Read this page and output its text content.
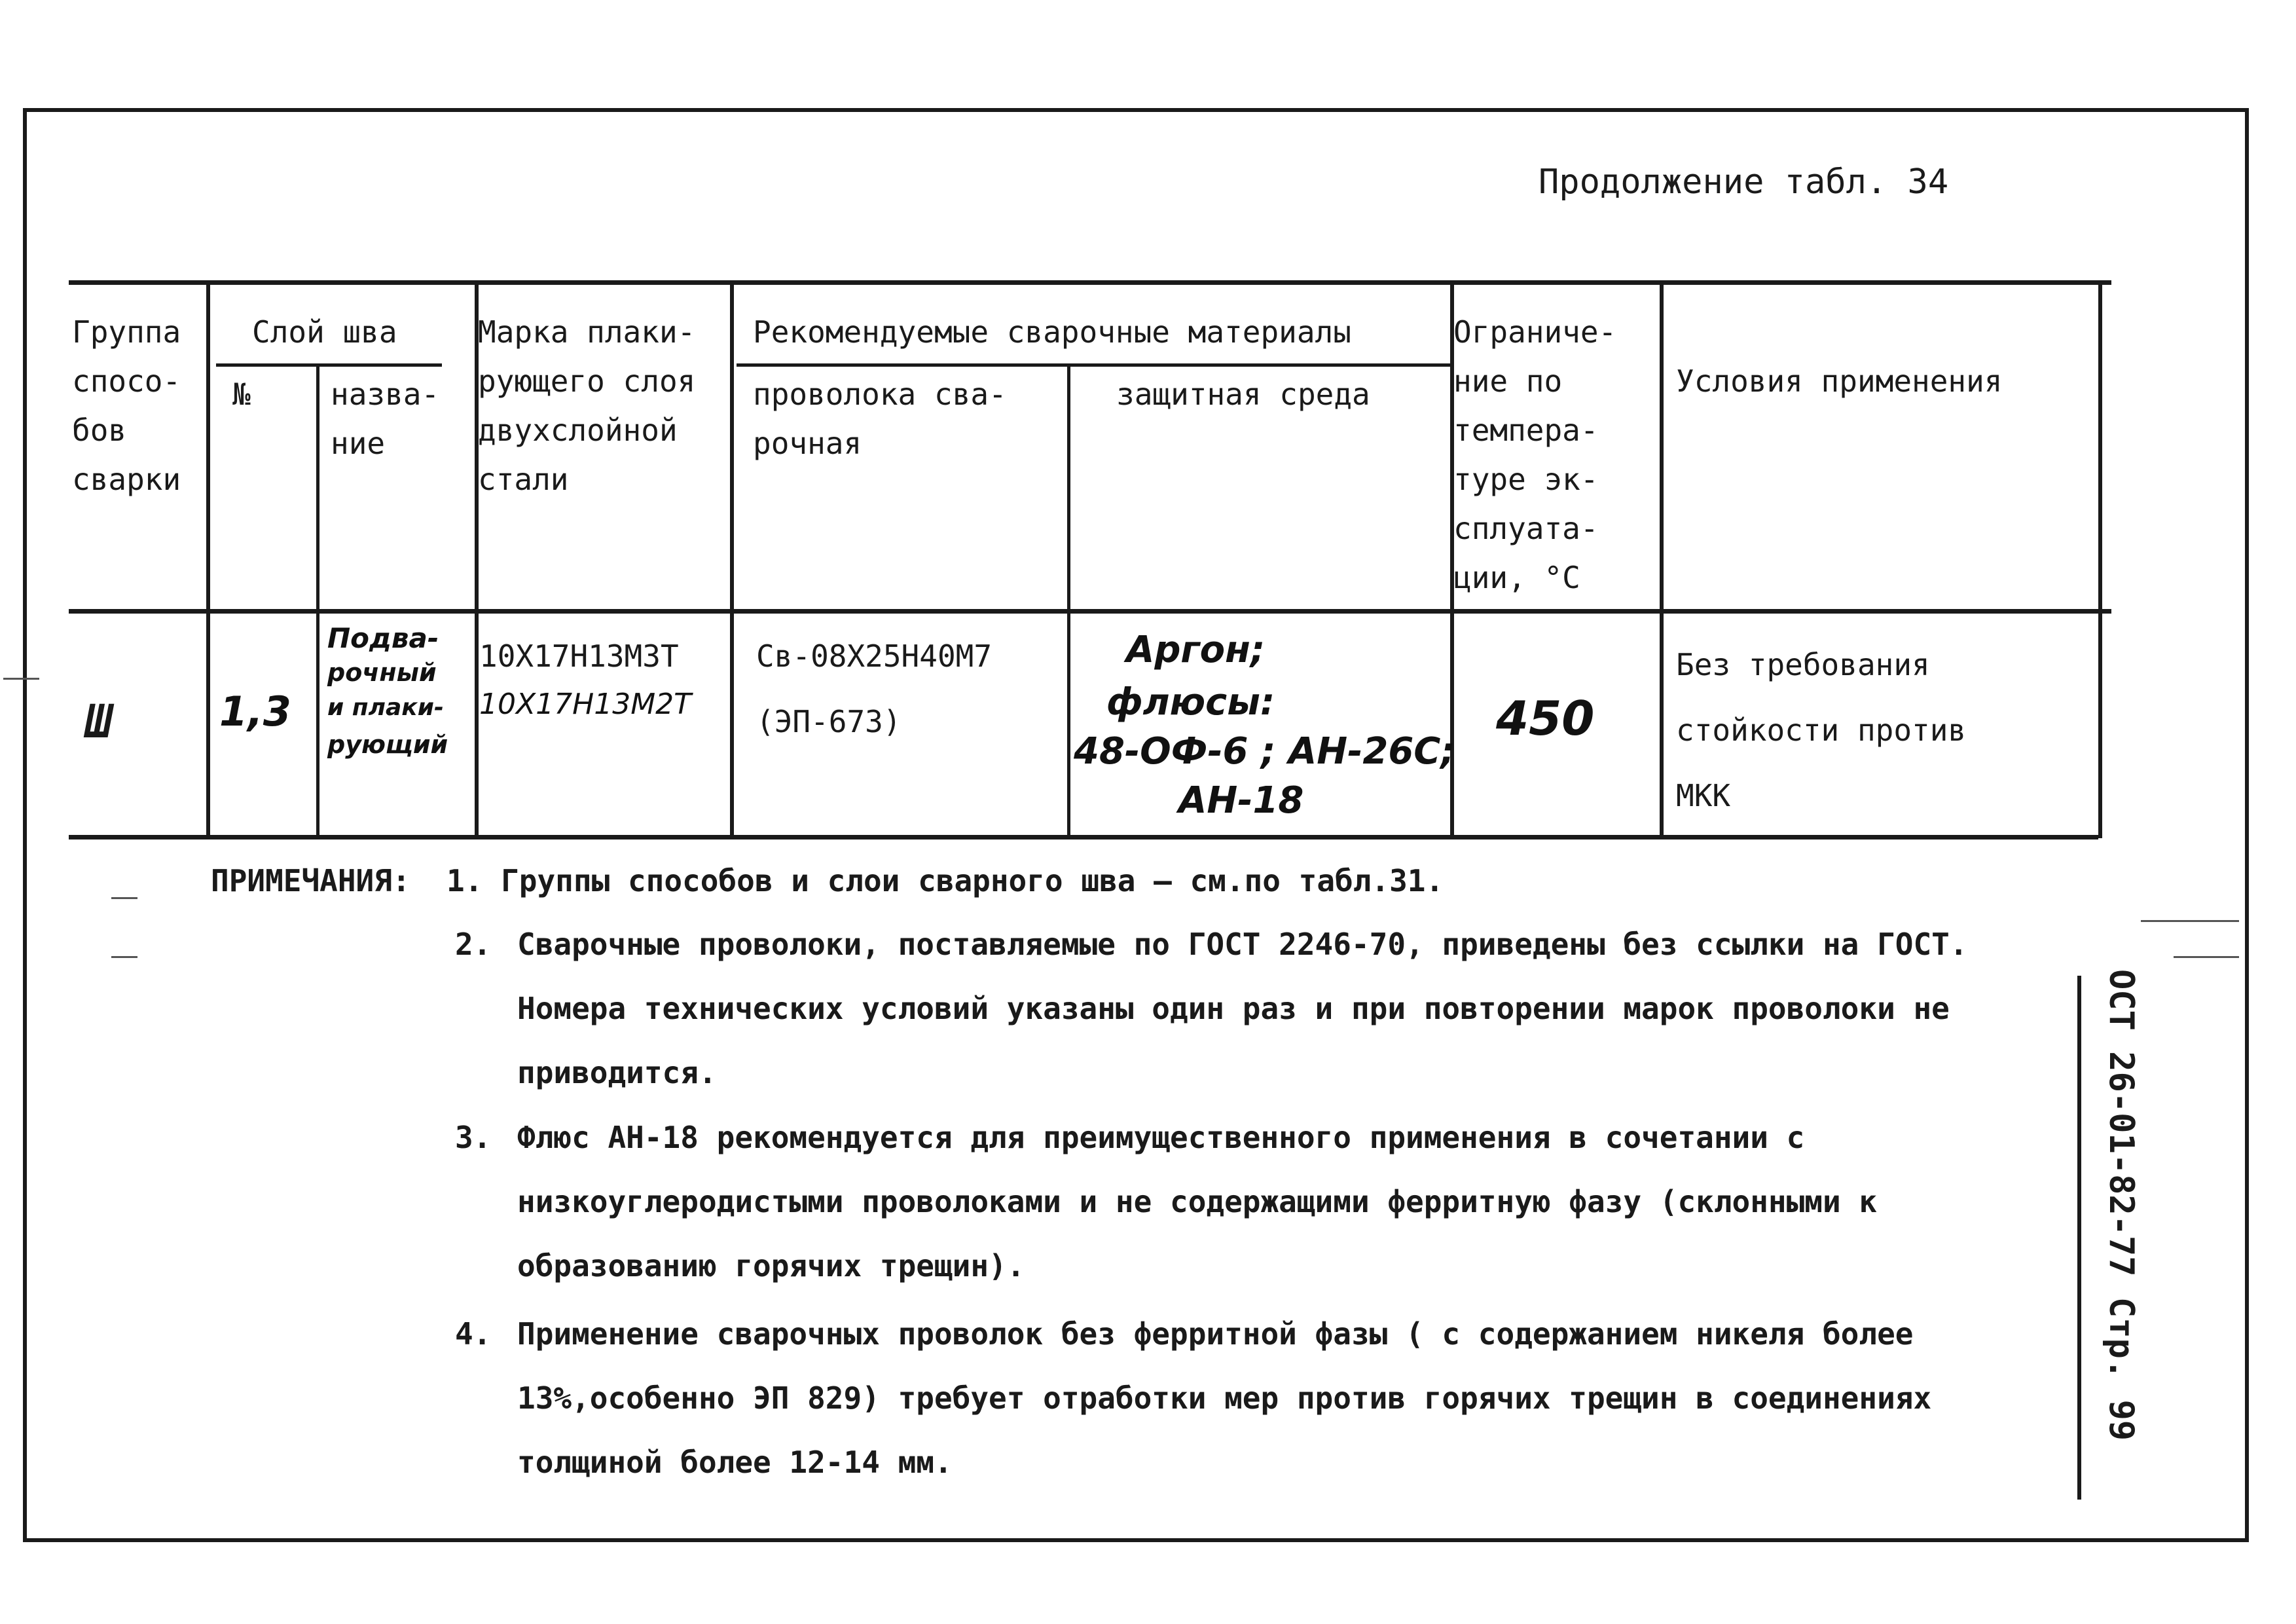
Продолжение табл. 34
Группа
спосо-
бов
сварки
Слой шва
№	назва-
ние
Марка плаки-
рующего слоя
двухслойной
стали
Рекомендуемые сварочные материалы
проволока сва-
рочная
защитная среда
Ограниче-
ние по
темпера-
туре эк-
сплуата-
ции, °С
Условия применения
Ш	1,3
Подва-
рочный
и плаки-
рующий
10Х17Н13М3Т
10Х17Н13М2Т
Св-08Х25Н40М7
(ЭП-673)
Аргон;
флюсы:
48-ОФ-6 ; АН-26С;
АН-18
450
Без требования
стойкости против
МКК
ПРИМЕЧАНИЯ: 1. Группы способов и слои сварного шва – см.по табл.31.
2. Сварочные проволоки, поставляемые по ГОСТ 2246-70, приведены без ссылки на ГОСТ. Номера технических условий указаны один раз и при повторении марок проволоки не приводится.
3. Флюс АН-18 рекомендуется для преимущественного применения в сочетании с низкоуглеродистыми проволоками и не содержащими ферритную фазу (склонными к образованию горячих трещин).
4. Применение сварочных проволок без ферритной фазы ( с содержанием никеля более 13%,особенно ЭП 829) требует отработки мер против горячих трещин в соединениях толщиной более 12-14 мм.
ОСТ 26-01-82-77 Стр. 99
